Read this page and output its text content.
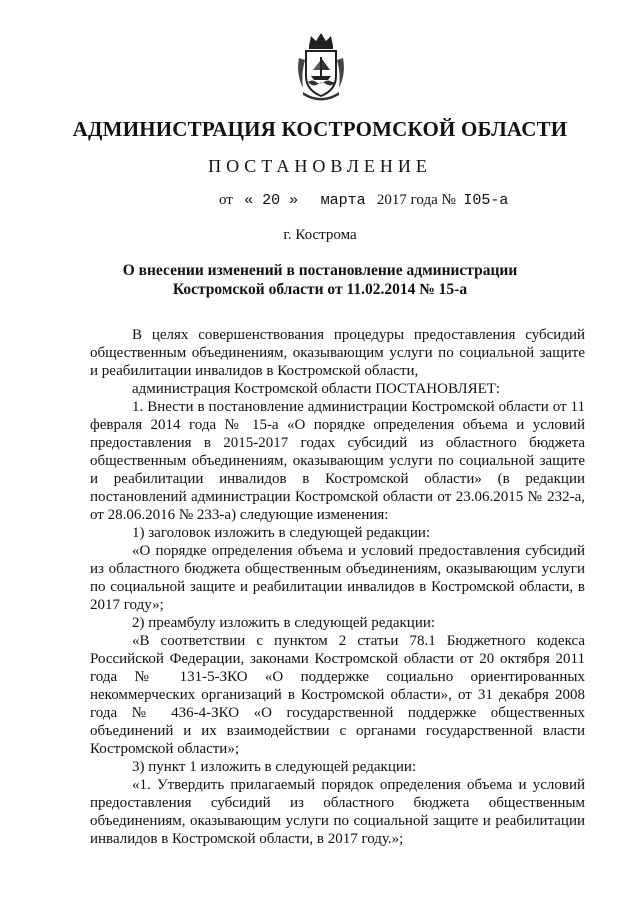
АДМИНИСТРАЦИЯ КОСТРОМСКОЙ ОБЛАСТИ
ПОСТАНОВЛЕНИЕ
от « 20 » марта 2017 года № I05-а
г. Кострома
О внесении изменений в постановление администрации
Костромской области от 11.02.2014 № 15-а

В целях совершенствования процедуры предоставления субсидий общественным объединениям, оказывающим услуги по социальной защите и реабилитации инвалидов в Костромской области,

администрация Костромской области ПОСТАНОВЛЯЕТ:

1. Внести в постановление администрации Костромской области от 11 февраля 2014 года № 15-а «О порядке определения объема и условий предоставления в 2015-2017 годах субсидий из областного бюджета общественным объединениям, оказывающим услуги по социальной защите и реабилитации инвалидов в Костромской области» (в редакции постановлений администрации Костромской области от 23.06.2015 № 232-а, от 28.06.2016 № 233-а) следующие изменения:

1) заголовок изложить в следующей редакции:

«О порядке определения объема и условий предоставления субсидий из областного бюджета общественным объединениям, оказывающим услуги по социальной защите и реабилитации инвалидов в Костромской области, в 2017 году»;

2) преамбулу изложить в следующей редакции:

«В соответствии с пунктом 2 статьи 78.1 Бюджетного кодекса Российской Федерации, законами Костромской области от 20 октября 2011 года № 131-5-ЗКО «О поддержке социально ориентированных некоммерческих организаций в Костромской области», от 31 декабря 2008 года № 436-4-ЗКО «О государственной поддержке общественных объединений и их взаимодействии с органами государственной власти Костромской области»;

3) пункт 1 изложить в следующей редакции:

«1. Утвердить прилагаемый порядок определения объема и условий предоставления субсидий из областного бюджета общественным объединениям, оказывающим услуги по социальной защите и реабилитации инвалидов в Костромской области, в 2017 году.»;
